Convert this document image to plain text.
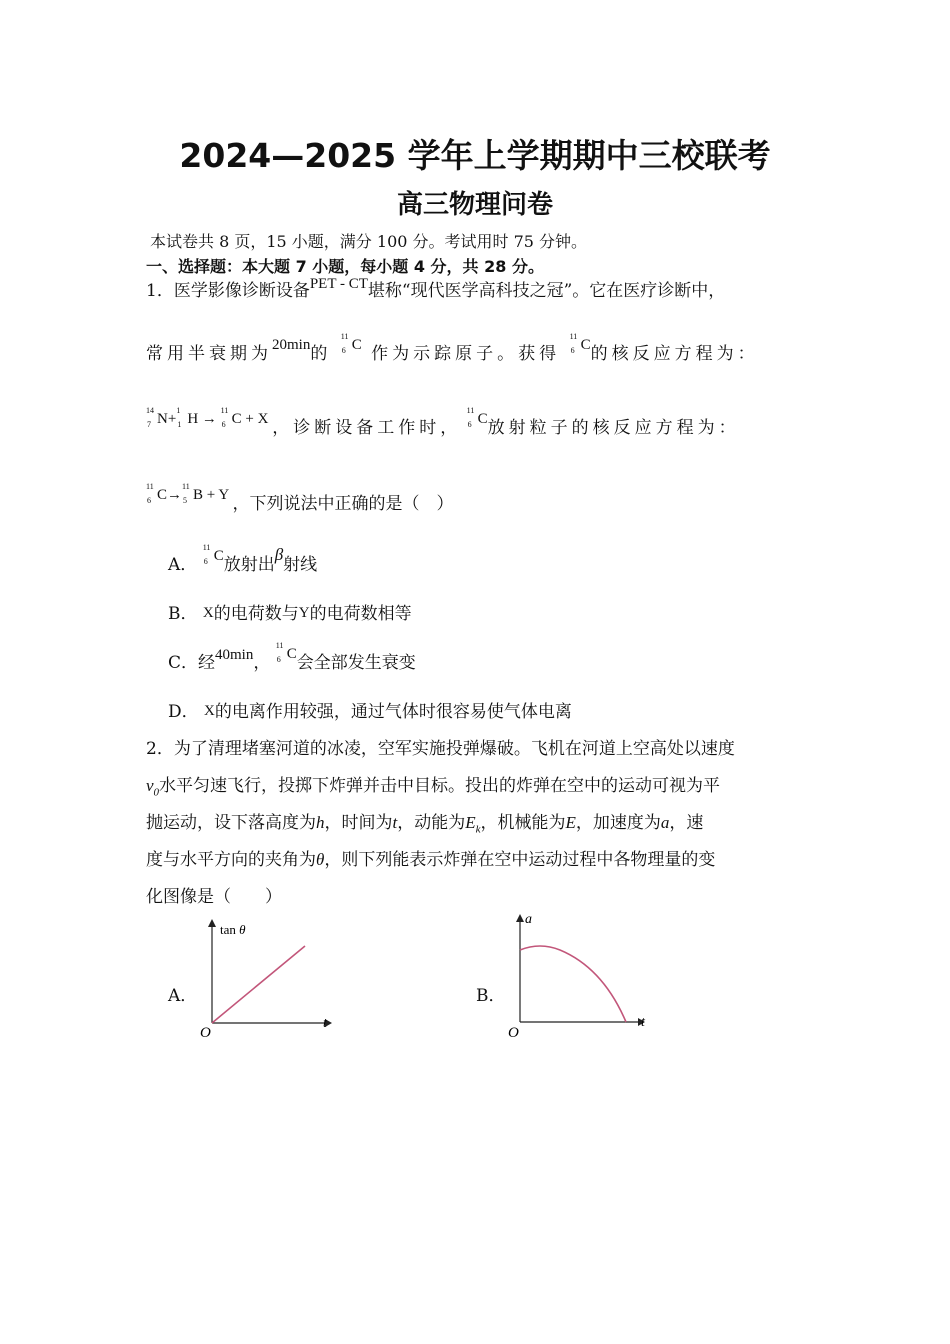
2024—2025 学年上学期期中三校联考
高三物理问卷
本试卷共 8 页，15 小题，满分 100 分。考试用时 75 分钟。
一、选择题：本大题 7 小题，每小题 4 分，共 28 分。
1．医学影像诊断设备PET - CT堪称“现代医学高科技之冠”。它在医疗诊断中，
常用半衰期为20min的
11
6 C 作为示踪原子。获得
11
6 C的核反应方程为：
14
7 N+
1
1 H →
11
6 C + X ，诊断设备工作时，
11
6 C放射粒子的核反应方程为：
11
6 C→
11
5 B + Y ，下列说法中正确的是（　）
A．
11
6 C放射出β射线
B． X的电荷数与Y的电荷数相等
C．经40min，
11
6 C会全部发生衰变
D． X的电离作用较强，通过气体时很容易使气体电离
2．为了清理堵塞河道的冰凌，空军实施投弹爆破。飞机在河道上空高处以速度
$v_0$水平匀速飞行，投掷下炸弹并击中目标。投出的炸弹在空中的运动可视为平
抛运动，设下落高度为h，时间为t，动能为$E_k$，机械能为E，加速度为a，速
度与水平方向的夹角为θ，则下列能表示炸弹在空中运动过程中各物理量的变
化图像是（　　）
A．
tan θ
t
O
B．
a
t
O
